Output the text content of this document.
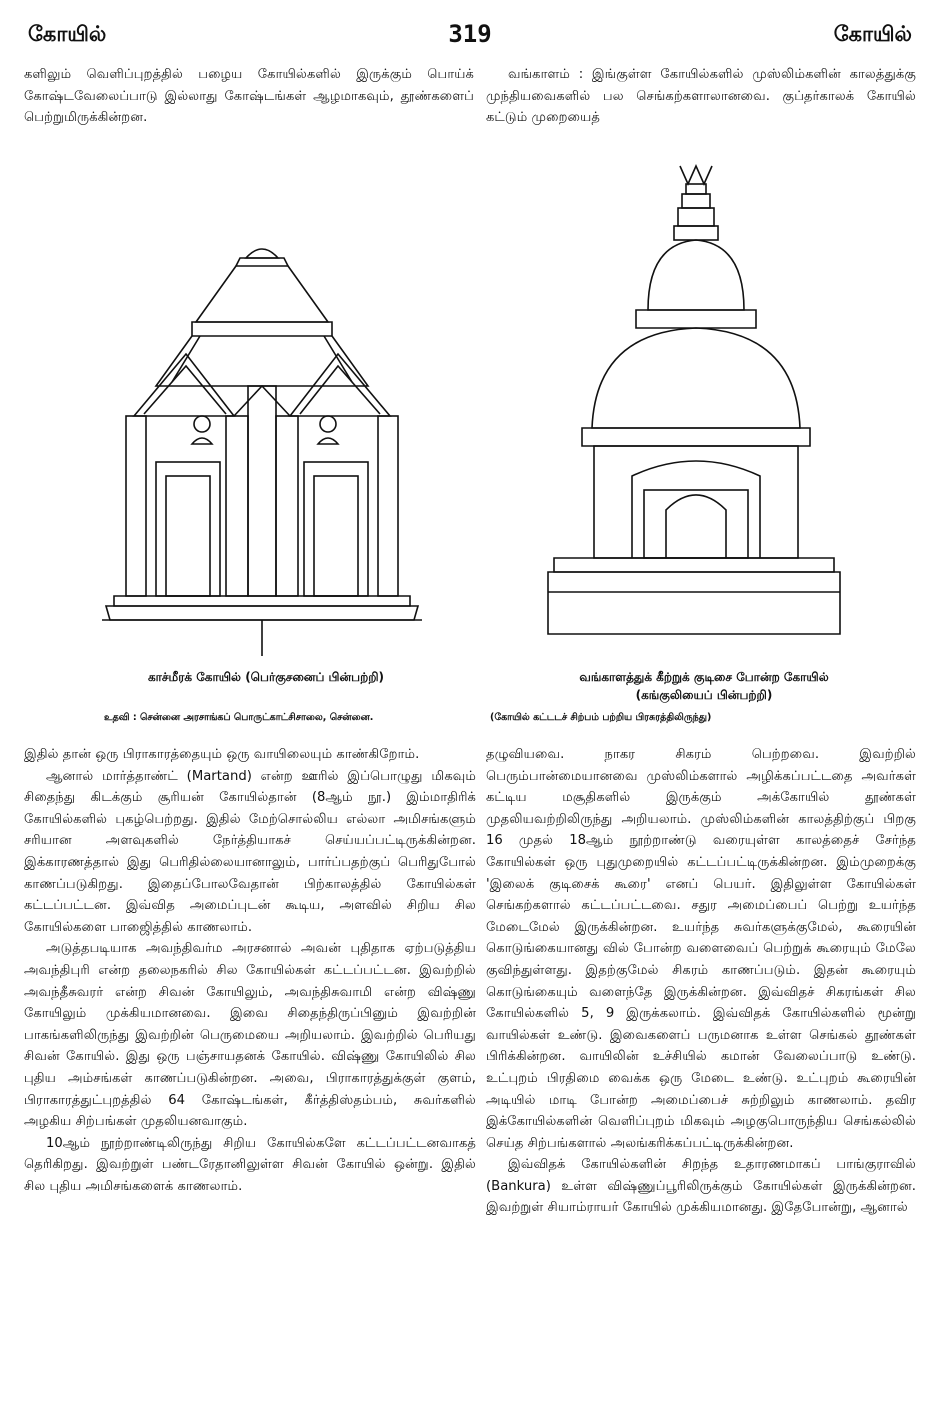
கோயில்	319	கோயில்

களிலும் வெளிப்புறத்தில் பழைய கோயில்களில் இருக்கும் பொய்க் கோஷ்டவேலைப்பாடு இல்லாது கோஷ்டங்கள் ஆழமாகவும், தூண்களைப் பெற்றுமிருக்கின்றன.

வங்காளம் : இங்குள்ள கோயில்களில் முஸ்லிம்களின் காலத்துக்கு முந்தியவைகளில் பல செங்கற்களாலானவை. குப்தர்காலக் கோயில் கட்டும் முறையைத்

காச்மீரக் கோயில் (பெர்குசனைப் பின்பற்றி)	வங்காளத்துக் கீற்றுக் குடிசை போன்ற கோயில்
(கங்குலியைப் பின்பற்றி)
உதவி : சென்னை அரசாங்கப் பொருட்காட்சிசாலை, சென்னை.	(கோயில் கட்டடச் சிற்பம் பற்றிய பிரசுரத்திலிருந்து)

இதில் தான் ஒரு பிராகாரத்தையும் ஒரு வாயிலையும் காண்கிறோம்.

ஆனால் மார்த்தாண்ட் (Martand) என்ற ஊரில் இப்பொழுது மிகவும் சிதைந்து கிடக்கும் சூரியன் கோயில்தான் (8ஆம் நூ.) இம்மாதிரிக் கோயில்களில் புகழ்பெற்றது. இதில் மேற்சொல்லிய எல்லா அமிசங்களும் சரியான அளவுகளில் நேர்த்தியாகச் செய்யப்பட்டிருக்கின்றன. இக்காரணத்தால் இது பெரிதில்லையானாலும், பார்ப்பதற்குப் பெரிதுபோல் காணப்படுகிறது. இதைப்போலவேதான் பிற்காலத்தில் கோயில்கள் கட்டப்பட்டன. இவ்வித அமைப்புடன் கூடிய, அளவில் சிறிய சில கோயில்களை பாஜிைத்தில் காணலாம்.

அடுத்தபடியாக அவந்திவர்ம அரசனால் அவன் புதிதாக ஏற்படுத்திய அவந்திபுரி என்ற தலைநகரில் சில கோயில்கள் கட்டப்பட்டன. இவற்றில் அவந்தீசுவரர் என்ற சிவன் கோயிலும், அவந்திசுவாமி என்ற விஷ்ணு கோயிலும் முக்கியமானவை. இவை சிதைந்திருப்பினும் இவற்றின் பாகங்களிலிருந்து இவற்றின் பெருமையை அறியலாம். இவற்றில் பெரியது சிவன் கோயில். இது ஒரு பஞ்சாயதனக் கோயில். விஷ்ணு கோயிலில் சில புதிய அம்சங்கள் காணப்படுகின்றன. அவை, பிராகாரத்துக்குள் குளம், பிராகாரத்துட்புறத்தில் 64 கோஷ்டங்கள், கீர்த்திஸ்தம்பம், சுவர்களில் அழகிய சிற்பங்கள் முதலியனவாகும்.

10ஆம் நூற்றாண்டிலிருந்து சிறிய கோயில்களே கட்டப்பட்டனவாகத் தெரிகிறது. இவற்றுள் பண்டரேதானிலுள்ள சிவன் கோயில் ஒன்று. இதில் சில புதிய அமிசங்களைக் காணலாம்.

தழுவியவை. நாகர சிகரம் பெற்றவை. இவற்றில் பெரும்பான்மையானவை முஸ்லிம்களால் அழிக்கப்பட்டதை அவர்கள் கட்டிய மசூதிகளில் இருக்கும் அக்கோயில் தூண்கள் முதலியவற்றிலிருந்து அறியலாம். முஸ்லிம்களின் காலத்திற்குப் பிறகு 16 முதல் 18ஆம் நூற்றாண்டு வரையுள்ள காலத்தைச் சேர்ந்த கோயில்கள் ஒரு புதுமுறையில் கட்டப்பட்டிருக்கின்றன. இம்முறைக்கு 'இலைக் குடிசைக் கூரை' எனப் பெயர். இதிலுள்ள கோயில்கள் செங்கற்களால் கட்டப்பட்டவை. சதுர அமைப்பைப் பெற்று உயர்ந்த மேடைமேல் இருக்கின்றன. உயர்ந்த சுவர்களுக்குமேல், கூரையின் கொடுங்கையானது வில் போன்ற வளைவைப் பெற்றுக் கூரையும் மேலே குவிந்துள்ளது. இதற்குமேல் சிகரம் காணப்படும். இதன் கூரையும் கொடுங்கையும் வளைந்தே இருக்கின்றன. இவ்விதச் சிகரங்கள் சில கோயில்களில் 5, 9 இருக்கலாம். இவ்விதக் கோயில்களில் மூன்று வாயில்கள் உண்டு. இவைகளைப் பருமனாக உள்ள செங்கல் தூண்கள் பிரிக்கின்றன. வாயிலின் உச்சியில் கமான் வேலைப்பாடு உண்டு. உட்புறம் பிரதிமை வைக்க ஒரு மேடை உண்டு. உட்புறம் கூரையின் அடியில் மாடி போன்ற அமைப்பைச் சுற்றிலும் காணலாம். தவிர இக்கோயில்களின் வெளிப்புறம் மிகவும் அழகுபொருந்திய செங்கல்லில் செய்த சிற்பங்களால் அலங்கரிக்கப்பட்டிருக்கின்றன.

இவ்விதக் கோயில்களின் சிறந்த உதாரணமாகப் பாங்குராவில் (Bankura) உள்ள விஷ்ணுப்பூரிலிருக்கும் கோயில்கள் இருக்கின்றன. இவற்றுள் சியாம்ராயர் கோயில் முக்கியமானது. இதேபோன்று, ஆனால்
